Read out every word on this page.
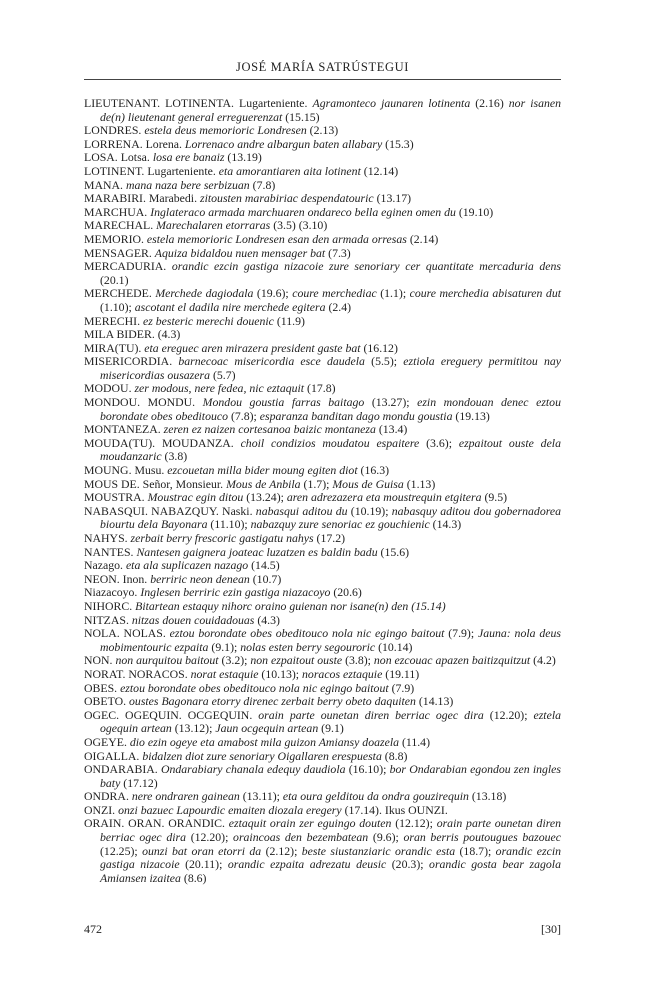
JOSÉ MARÍA SATRÚSTEGUI

LIEUTENANT. LOTINENTA. Lugarteniente. Agramonteco jaunaren lotinenta (2.16) nor isanen de(n) lieutenant general erreguerenzat (15.15)

LONDRES. estela deus memorioric Londresen (2.13)

LORRENA. Lorena. Lorrenaco andre albargun baten allabary (15.3)

LOSA. Lotsa. losa ere banaiz (13.19)

LOTINENT. Lugarteniente. eta amorantiaren aita lotinent (12.14)

MANA. mana naza bere serbizuan (7.8)

MARABIRI. Marabedi. zitousten marabiriac despendatouric (13.17)

MARCHUA. Inglateraco armada marchuaren ondareco bella eginen omen du (19.10)

MARECHAL. Marechalaren etorraras (3.5) (3.10)

MEMORIO. estela memorioric Londresen esan den armada orresas (2.14)

MENSAGER. Aquiza bidaldou nuen mensager bat (7.3)

MERCADURIA. orandic ezcin gastiga nizacoie zure senoriary cer quantitate mercaduria dens (20.1)

MERCHEDE. Merchede dagiodala (19.6); coure merchediac (1.1); coure merchedia abisaturen dut (1.10); ascotant el dadila nire merchede egitera (2.4)

MERECHI. ez besteric merechi douenic (11.9)

MILA BIDER. (4.3)

MIRA(TU). eta ereguec aren mirazera president gaste bat (16.12)

MISERICORDIA. barnecoac misericordia esce daudela (5.5); eztiola ereguery permititou nay misericordias ousazera (5.7)

MODOU. zer modous, nere fedea, nic eztaquit (17.8)

MONDOU. MONDU. Mondou goustia farras baitago (13.27); ezin mondouan denec eztou borondate obes obeditouco (7.8); esparanza banditan dago mondu goustia (19.13)

MONTANEZA. zeren ez naizen cortesanoa baizic montaneza (13.4)

MOUDA(TU). MOUDANZA. choil condizios moudatou espaitere (3.6); ezpaitout ouste dela moudanzaric (3.8)

MOUNG. Musu. ezcouetan milla bider moung egiten diot (16.3)

MOUS DE. Señor, Monsieur. Mous de Anbila (1.7); Mous de Guisa (1.13)

MOUSTRA. Moustrac egin ditou (13.24); aren adrezazera eta moustrequin etgitera (9.5)

NABASQUI. NABAZQUY. Naski. nabasqui aditou du (10.19); nabasquy aditou dou gobernadorea biourtu dela Bayonara (11.10); nabazquy zure senoriac ez gouchienic (14.3)

NAHYS. zerbait berry frescoric gastigatu nahys (17.2)

NANTES. Nantesen gaignera joateac luzatzen es baldin badu (15.6)

Nazago. eta ala suplicazen nazago (14.5)

NEON. Inon. berriric neon denean (10.7)

Niazacoyo. Inglesen berriric ezin gastiga niazacoyo (20.6)

NIHORC. Bitartean estaquy nihorc oraino guienan nor isane(n) den (15.14)

NITZAS. nitzas douen couidadouas (4.3)

NOLA. NOLAS. eztou borondate obes obeditouco nola nic egingo baitout (7.9); Jauna: nola deus mobimentouric ezpaita (9.1); nolas esten berry segouroric (10.14)

NON. non aurquitou baitout (3.2); non ezpaitout ouste (3.8); non ezcouac apazen baitizquitzut (4.2)

NORAT. NORACOS. norat estaquie (10.13); noracos eztaquie (19.11)

OBES. eztou borondate obes obeditouco nola nic egingo baitout (7.9)

OBETO. oustes Bagonara etorry direnec zerbait berry obeto daquiten (14.13)

OGEC. OGEQUIN. OCGEQUIN. orain parte ounetan diren berriac ogec dira (12.20); eztela ogequin artean (13.12); Jaun ocgequin artean (9.1)

OGEYE. dio ezin ogeye eta amabost mila guizon Amiansy doazela (11.4)

OIGALLA. bidalzen diot zure senoriary Oigallaren erespuesta (8.8)

ONDARABIA. Ondarabiary chanala edequy daudiola (16.10); bor Ondarabian egondou zen ingles baty (17.12)

ONDRA. nere ondraren gainean (13.11); eta oura gelditou da ondra gouzirequin (13.18)

ONZI. onzi bazuec Lapourdic emaiten diozala eregery (17.14). Ikus OUNZI.

ORAIN. ORAN. ORANDIC. eztaquit orain zer eguingo douten (12.12); orain parte ounetan diren berriac ogec dira (12.20); oraincoas den bezembatean (9.6); oran berris poutougues bazouec (12.25); ounzi bat oran etorri da (2.12); beste siustanziaric orandic esta (18.7); orandic ezcin gastiga nizacoie (20.11); orandic ezpaita adrezatu deusic (20.3); orandic gosta bear zagola Amiansen izaitea (8.6)

472	[30]
